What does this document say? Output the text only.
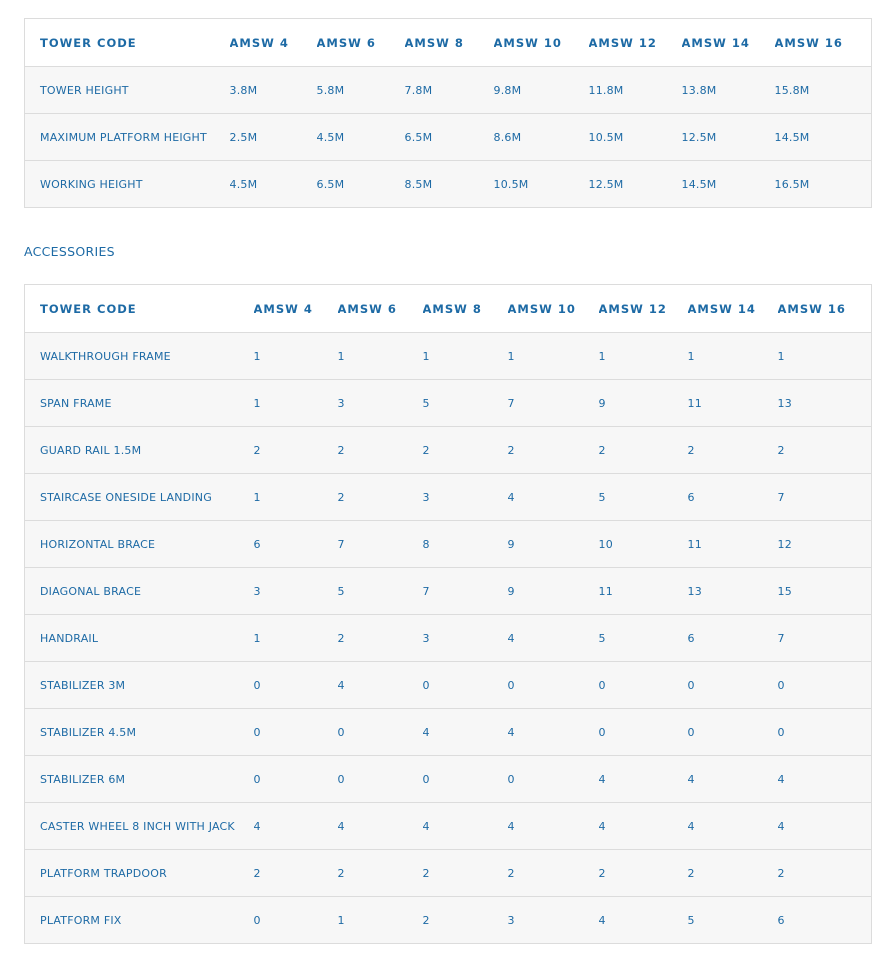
TOWER CODE	AMSW 4	AMSW 6	AMSW 8	AMSW 10	AMSW 12	AMSW 14	AMSW 16
TOWER HEIGHT	3.8M	5.8M	7.8M	9.8M	11.8M	13.8M	15.8M
MAXIMUM PLATFORM HEIGHT	2.5M	4.5M	6.5M	8.6M	10.5M	12.5M	14.5M
WORKING HEIGHT	4.5M	6.5M	8.5M	10.5M	12.5M	14.5M	16.5M
ACCESSORIES
TOWER CODE	AMSW 4	AMSW 6	AMSW 8	AMSW 10	AMSW 12	AMSW 14	AMSW 16
WALKTHROUGH FRAME	1	1	1	1	1	1	1
SPAN FRAME	1	3	5	7	9	11	13
GUARD RAIL 1.5M	2	2	2	2	2	2	2
STAIRCASE ONESIDE LANDING	1	2	3	4	5	6	7
HORIZONTAL BRACE	6	7	8	9	10	11	12
DIAGONAL BRACE	3	5	7	9	11	13	15
HANDRAIL	1	2	3	4	5	6	7
STABILIZER 3M	0	4	0	0	0	0	0
STABILIZER 4.5M	0	0	4	4	0	0	0
STABILIZER 6M	0	0	0	0	4	4	4
CASTER WHEEL 8 INCH WITH JACK	4	4	4	4	4	4	4
PLATFORM TRAPDOOR	2	2	2	2	2	2	2
PLATFORM FIX	0	1	2	3	4	5	6
